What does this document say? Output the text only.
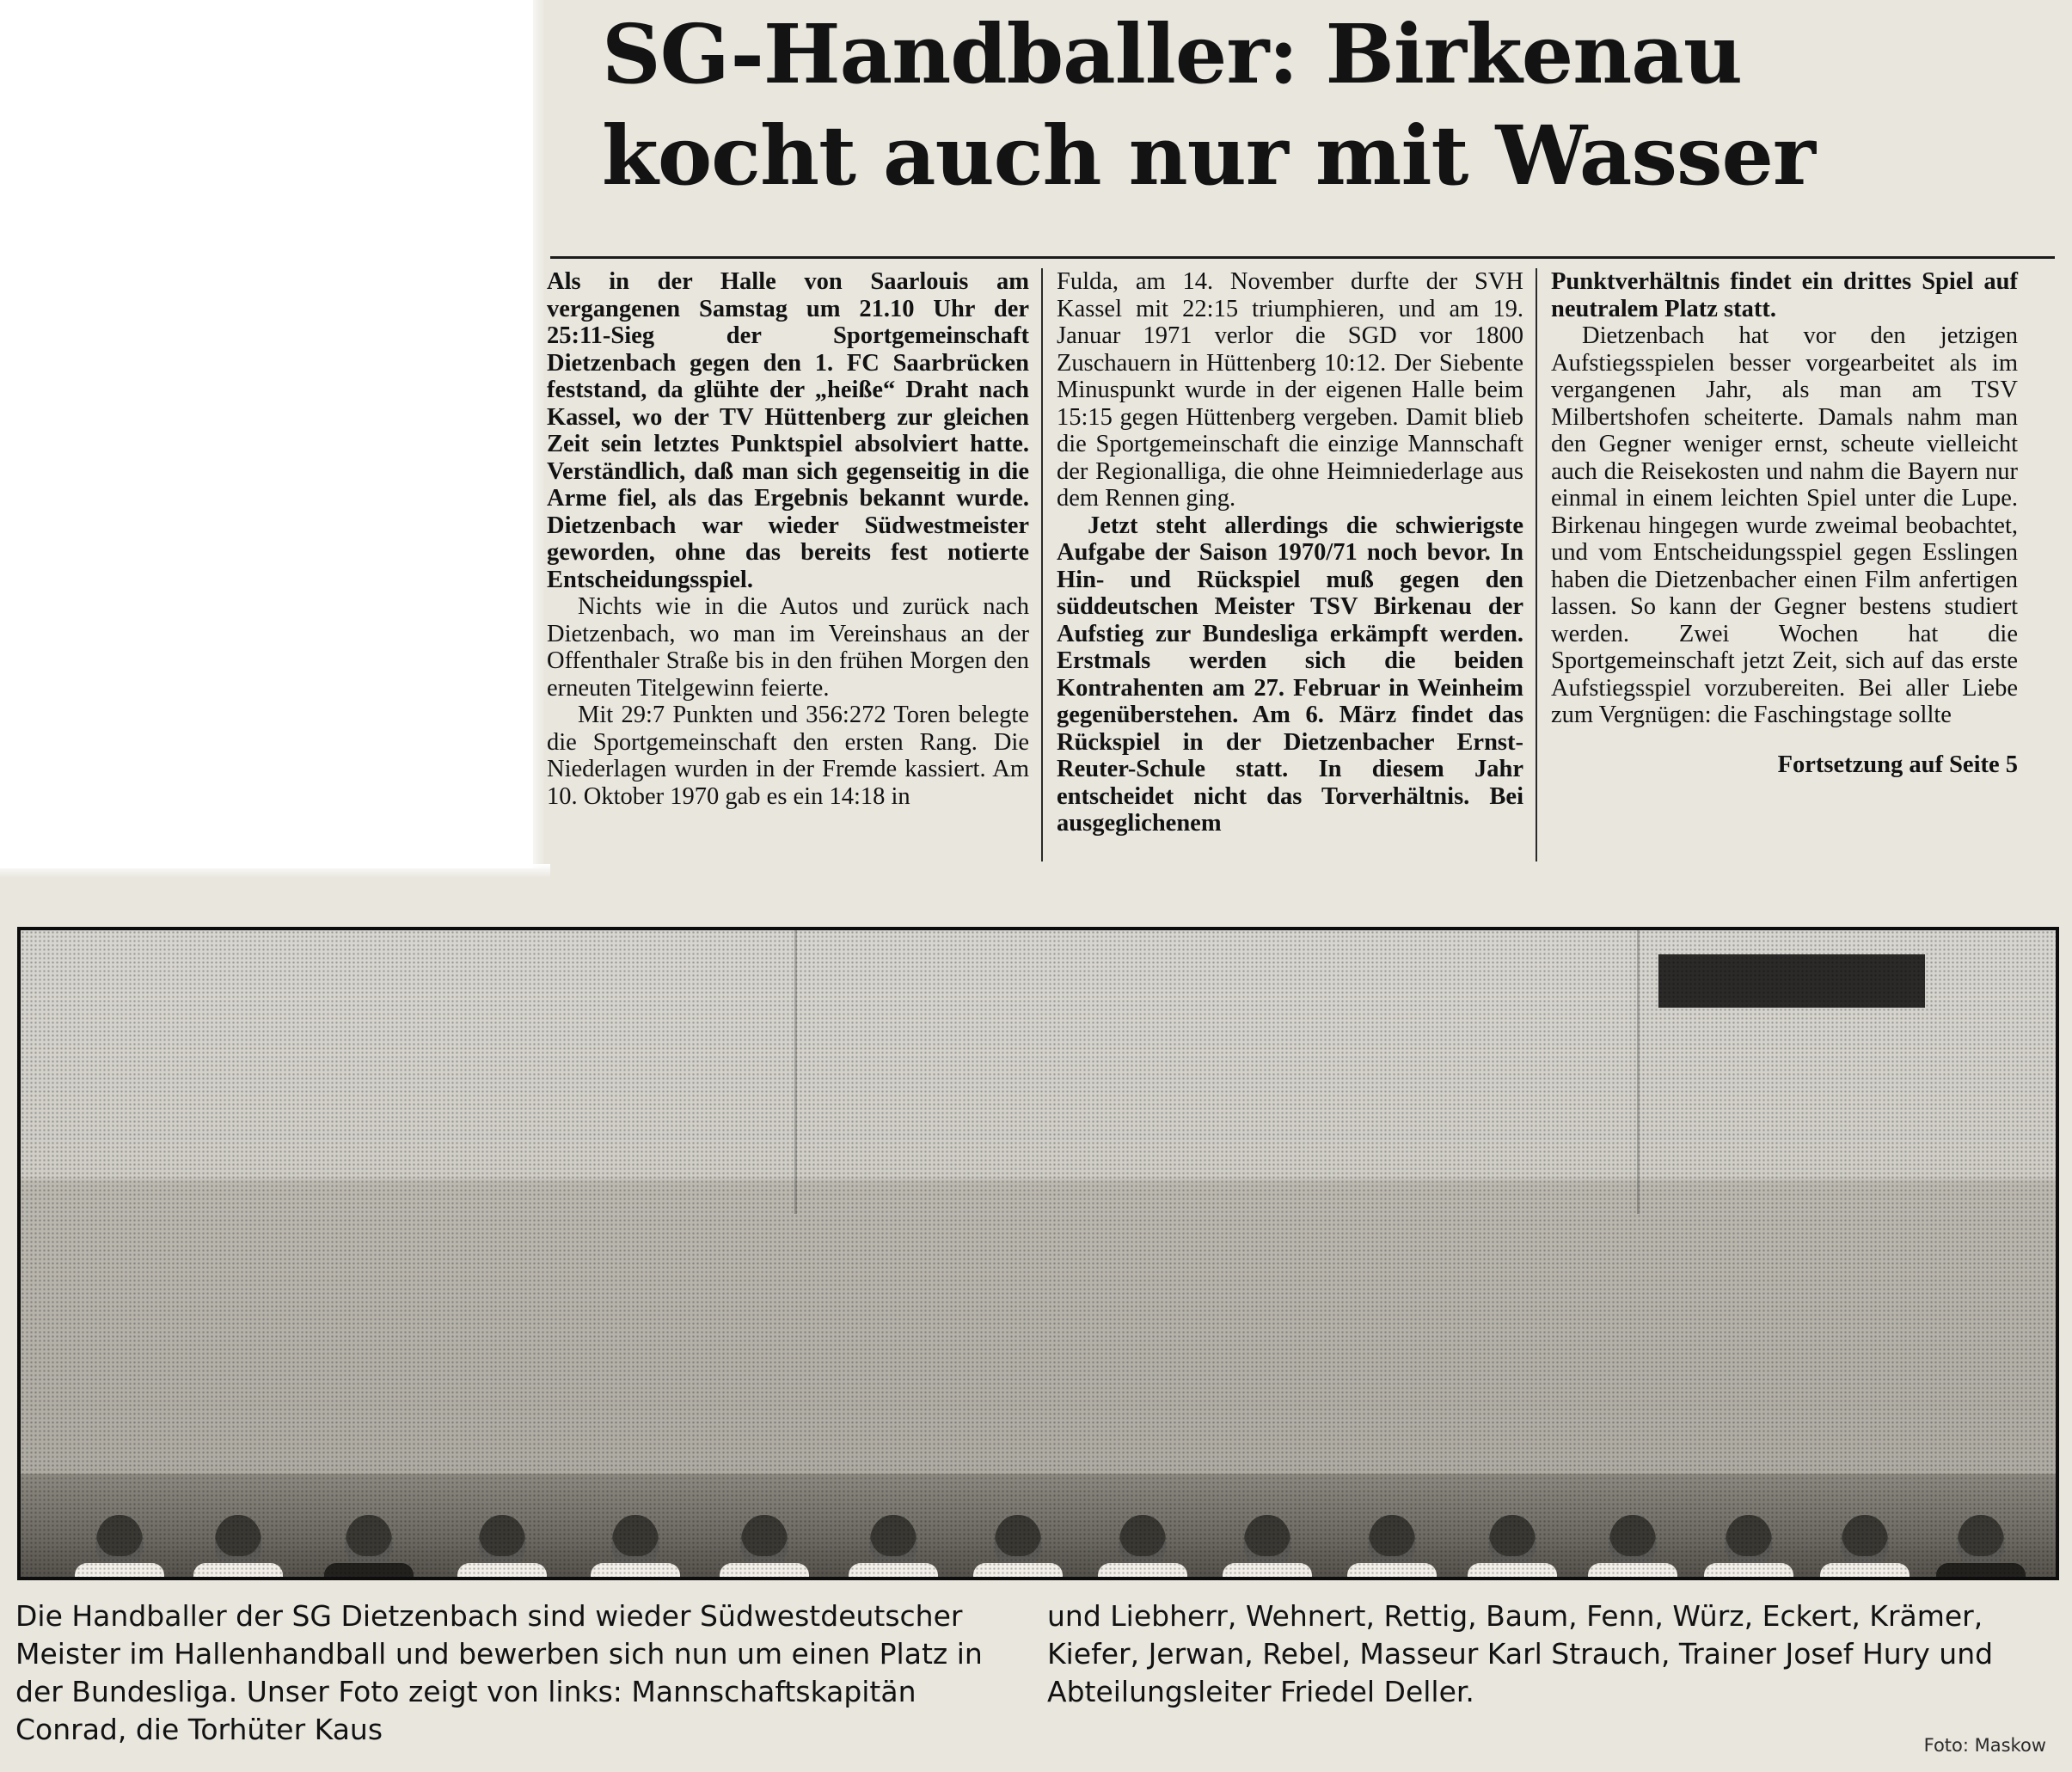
SG-Handballer: Birkenau
kocht auch nur mit Wasser

Als in der Halle von Saarlouis am vergangenen Samstag um 21.10 Uhr der 25:11-Sieg der Sportgemeinschaft Dietzenbach gegen den 1. FC Saarbrücken feststand, da glühte der „heiße“ Draht nach Kassel, wo der TV Hüttenberg zur gleichen Zeit sein letztes Punktspiel absolviert hatte. Verständlich, daß man sich gegenseitig in die Arme fiel, als das Ergebnis bekannt wurde. Dietzenbach war wieder Südwestmeister geworden, ohne das bereits fest notierte Entscheidungsspiel.

Nichts wie in die Autos und zurück nach Dietzenbach, wo man im Vereinshaus an der Offenthaler Straße bis in den frühen Morgen den erneuten Titelgewinn feierte.

Mit 29:7 Punkten und 356:272 Toren belegte die Sportgemeinschaft den ersten Rang. Die Niederlagen wurden in der Fremde kassiert. Am 10. Oktober 1970 gab es ein 14:18 in

Fulda, am 14. November durfte der SVH Kassel mit 22:15 triumphieren, und am 19. Januar 1971 verlor die SGD vor 1800 Zuschauern in Hüttenberg 10:12. Der Siebente Minuspunkt wurde in der eigenen Halle beim 15:15 gegen Hüttenberg vergeben. Damit blieb die Sportgemeinschaft die einzige Mannschaft der Regionalliga, die ohne Heimniederlage aus dem Rennen ging.

Jetzt steht allerdings die schwierigste Aufgabe der Saison 1970/71 noch bevor. In Hin- und Rückspiel muß gegen den süddeutschen Meister TSV Birkenau der Aufstieg zur Bundesliga erkämpft werden. Erstmals werden sich die beiden Kontrahenten am 27. Februar in Weinheim gegenüberstehen. Am 6. März findet das Rückspiel in der Dietzenbacher Ernst-Reuter-Schule statt. In diesem Jahr entscheidet nicht das Torverhältnis. Bei ausgeglichenem

Punktverhältnis findet ein drittes Spiel auf neutralem Platz statt.

Dietzenbach hat vor den jetzigen Aufstiegsspielen besser vorgearbeitet als im vergangenen Jahr, als man am TSV Milbertshofen scheiterte. Damals nahm man den Gegner weniger ernst, scheute vielleicht auch die Reisekosten und nahm die Bayern nur einmal in einem leichten Spiel unter die Lupe. Birkenau hingegen wurde zweimal beobachtet, und vom Entscheidungsspiel gegen Esslingen haben die Dietzenbacher einen Film anfertigen lassen. So kann der Gegner bestens studiert werden. Zwei Wochen hat die Sportgemeinschaft jetzt Zeit, sich auf das erste Aufstiegsspiel vorzubereiten. Bei aller Liebe zum Vergnügen: die Faschingstage sollte

Fortsetzung auf Seite 5

Die Handballer der SG Dietzenbach sind wieder Südwestdeutscher Meister im Hallenhandball und bewerben sich nun um einen Platz in der Bundesliga. Unser Foto zeigt von links: Mannschaftskapitän Conrad, die Torhüter Kaus
und Liebherr, Wehnert, Rettig, Baum, Fenn, Würz, Eckert, Krämer, Kiefer, Jerwan, Rebel, Masseur Karl Strauch, Trainer Josef Hury und Abteilungsleiter Friedel Deller.
Foto: Maskow
